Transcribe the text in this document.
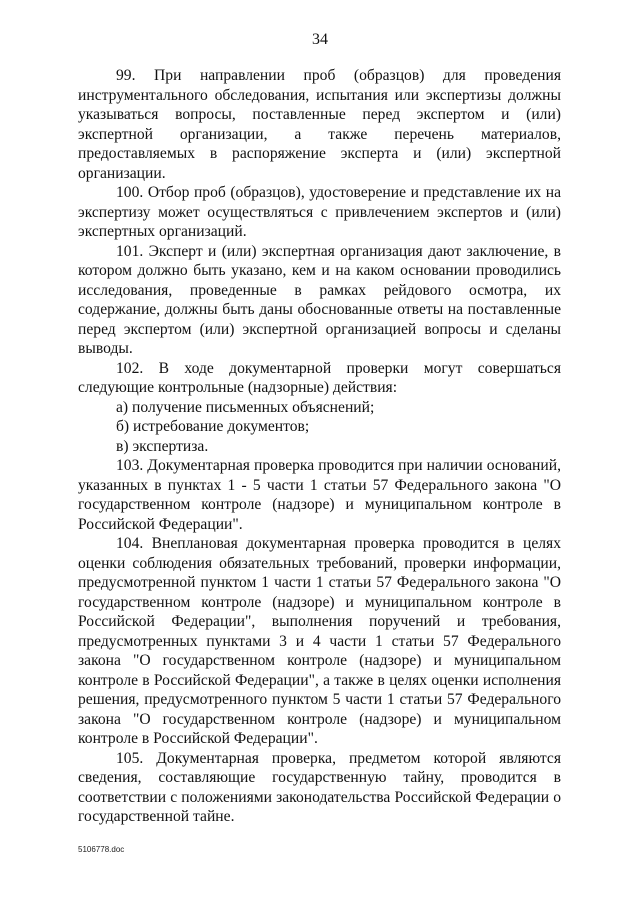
34

99. При направлении проб (образцов) для проведения инструментального обследования, испытания или экспертизы должны указываться вопросы, поставленные перед экспертом и (или) экспертной организации, а также перечень материалов, предоставляемых в распоряжение эксперта и (или) экспертной организации.

100. Отбор проб (образцов), удостоверение и представление их на экспертизу может осуществляться с привлечением экспертов и (или) экспертных организаций.

101. Эксперт и (или) экспертная организация дают заключение, в котором должно быть указано, кем и на каком основании проводились исследования, проведенные в рамках рейдового осмотра, их содержание, должны быть даны обоснованные ответы на поставленные перед экспертом (или) экспертной организацией вопросы и сделаны выводы.

102. В ходе документарной проверки могут совершаться следующие контрольные (надзорные) действия:

а) получение письменных объяснений;

б) истребование документов;

в) экспертиза.

103. Документарная проверка проводится при наличии оснований, указанных в пунктах 1 - 5 части 1 статьи 57 Федерального закона "О государственном контроле (надзоре) и муниципальном контроле в Российской Федерации".

104. Внеплановая документарная проверка проводится в целях оценки соблюдения обязательных требований, проверки информации, предусмотренной пунктом 1 части 1 статьи 57 Федерального закона "О государственном контроле (надзоре) и муниципальном контроле в Российской Федерации", выполнения поручений и требования, предусмотренных пунктами 3 и 4 части 1 статьи 57 Федерального закона "О государственном контроле (надзоре) и муниципальном контроле в Российской Федерации", а также в целях оценки исполнения решения, предусмотренного пунктом 5 части 1 статьи 57 Федерального закона "О государственном контроле (надзоре) и муниципальном контроле в Российской Федерации".

105. Документарная проверка, предметом которой являются сведения, составляющие государственную тайну, проводится в соответствии с положениями законодательства Российской Федерации о государственной тайне.

5106778.doc
